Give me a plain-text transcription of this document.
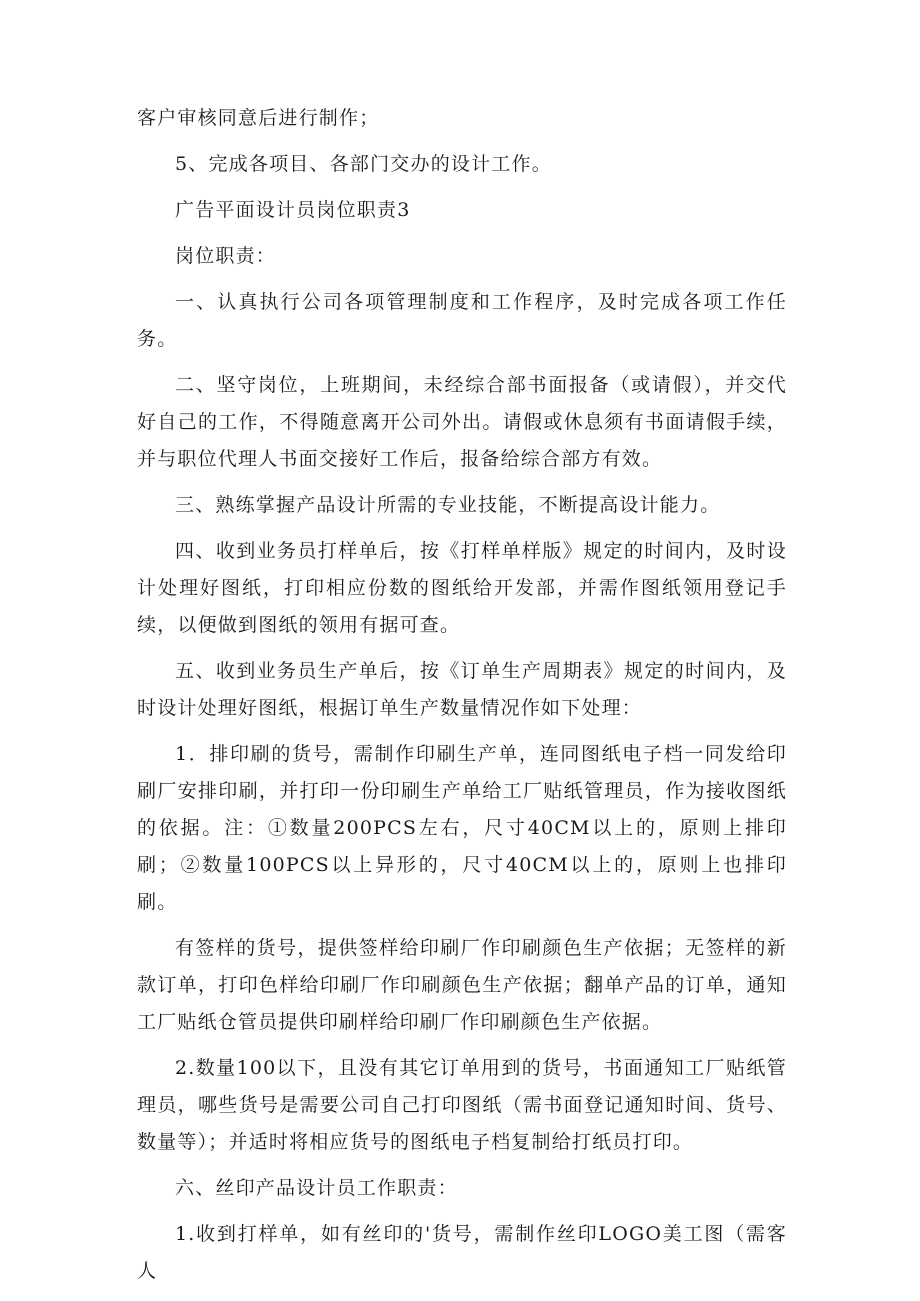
客户审核同意后进行制作；

5、完成各项目、各部门交办的设计工作。

广告平面设计员岗位职责3

岗位职责：

一、认真执行公司各项管理制度和工作程序，及时完成各项工作任务。

二、坚守岗位，上班期间，未经综合部书面报备（或请假），并交代好自己的工作，不得随意离开公司外出。请假或休息须有书面请假手续，并与职位代理人书面交接好工作后，报备给综合部方有效。

三、熟练掌握产品设计所需的专业技能，不断提高设计能力。

四、收到业务员打样单后，按《打样单样版》规定的时间内，及时设计处理好图纸，打印相应份数的图纸给开发部，并需作图纸领用登记手续，以便做到图纸的领用有据可查。

五、收到业务员生产单后，按《订单生产周期表》规定的时间内，及时设计处理好图纸，根据订单生产数量情况作如下处理：

1．排印刷的货号，需制作印刷生产单，连同图纸电子档一同发给印刷厂安排印刷，并打印一份印刷生产单给工厂贴纸管理员，作为接收图纸的依据。注：①数量200PCS左右，尺寸40CM以上的，原则上排印刷；②数量100PCS以上异形的，尺寸40CM以上的，原则上也排印刷。

有签样的货号，提供签样给印刷厂作印刷颜色生产依据；无签样的新款订单，打印色样给印刷厂作印刷颜色生产依据；翻单产品的订单，通知工厂贴纸仓管员提供印刷样给印刷厂作印刷颜色生产依据。

2.数量100以下，且没有其它订单用到的货号，书面通知工厂贴纸管理员，哪些货号是需要公司自己打印图纸（需书面登记通知时间、货号、数量等）；并适时将相应货号的图纸电子档复制给打纸员打印。

六、丝印产品设计员工作职责：

1.收到打样单，如有丝印的'货号，需制作丝印LOGO美工图（需客人
